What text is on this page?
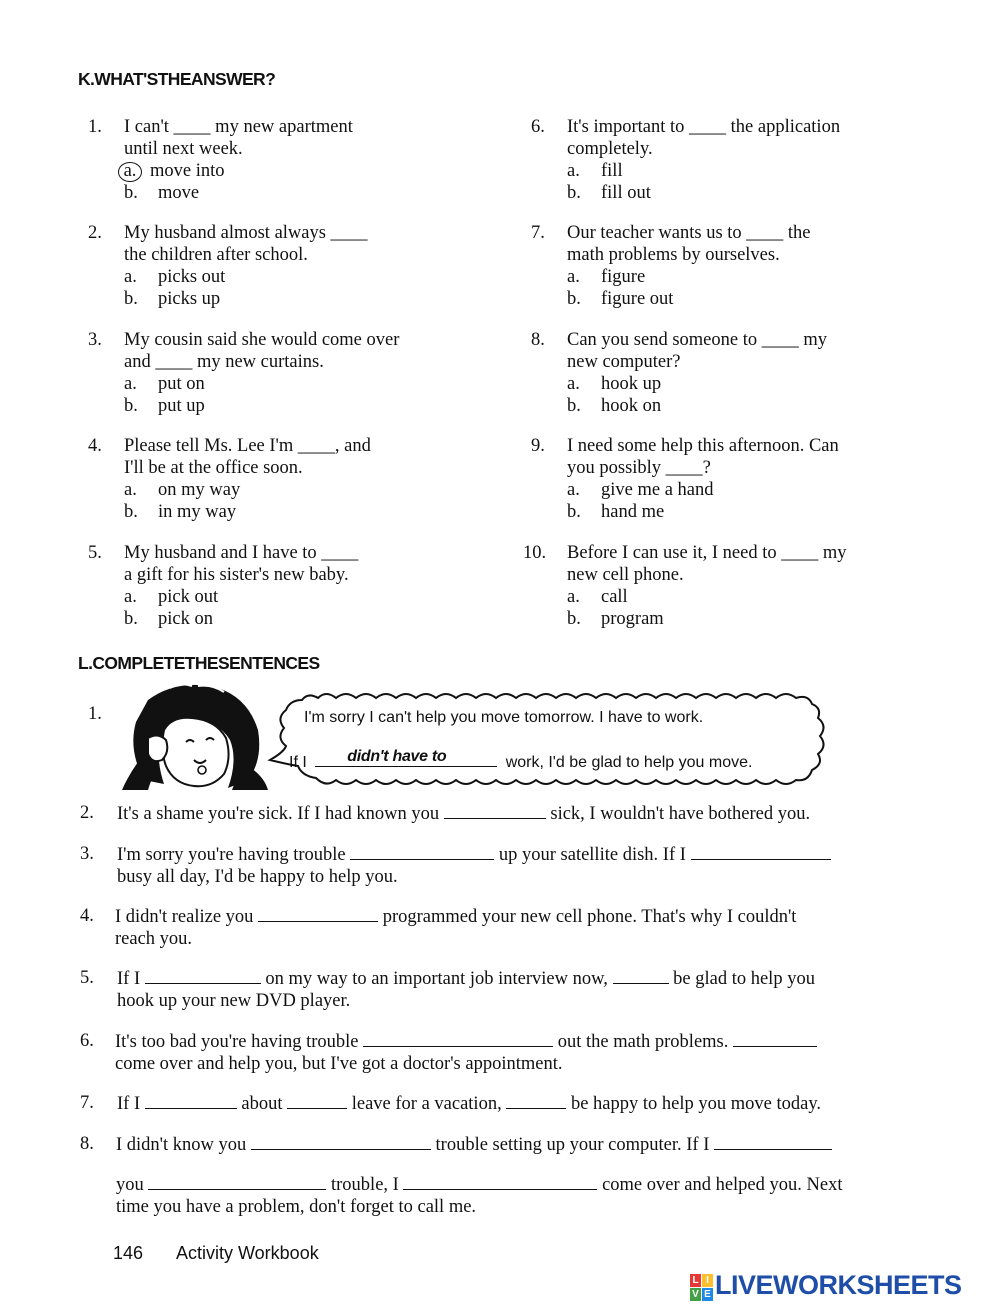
K.WHAT'STHEANSWER?
1. I can't ____ my new apartment
until next week.
a. move into
b. move
2. My husband almost always ____
the children after school.
a. picks out
b. picks up
3. My cousin said she would come over
and ____ my new curtains.
a. put on
b. put up
4. Please tell Ms. Lee I'm ____, and
I'll be at the office soon.
a. on my way
b. in my way
5. My husband and I have to ____
a gift for his sister's new baby.
a. pick out
b. pick on
6. It's important to ____ the application
completely.
a. fill
b. fill out
7. Our teacher wants us to ____ the
math problems by ourselves.
a. figure
b. figure out
8. Can you send someone to ____ my
new computer?
a. hook up
b. hook on
9. I need some help this afternoon. Can
you possibly ____?
a. give me a hand
b. hand me
10. Before I can use it, I need to ____ my
new cell phone.
a. call
b. program
L.COMPLETETHESENTENCES
1.	I'm sorry I can't help you move tomorrow. I have to work.
If I	didn't have to	work, I'd be glad to help you move.
2. It's a shame you're sick. If I had known you	sick, I wouldn't have bothered you.
3. I'm sorry you're having trouble	up your satellite dish. If I
busy all day, I'd be happy to help you.
4. I didn't realize you	programmed your new cell phone. That's why I couldn't
reach you.
5. If I	on my way to an important job interview now,	be glad to help you
hook up your new DVD player.
6. It's too bad you're having trouble	out the math problems.
come over and help you, but I've got a doctor's appointment.
7. If I	about	leave for a vacation,	be happy to help you move today.
8. I didn't know you	trouble setting up your computer. If I
you	trouble, I	come over and helped you. Next
time you have a problem, don't forget to call me.
146 Activity Workbook
L I
V E LIVEWORKSHEETS
